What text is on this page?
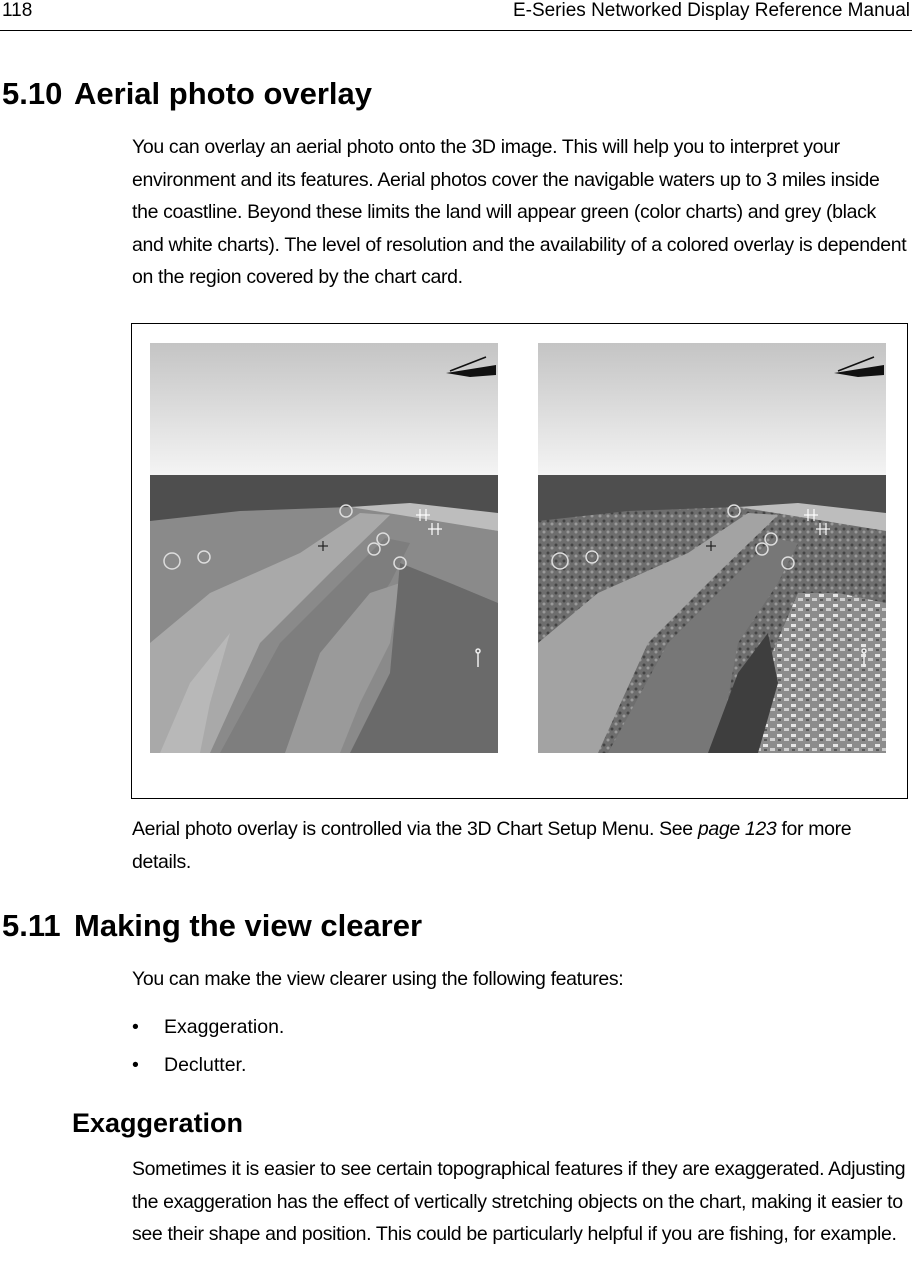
118	E-Series Networked Display Reference Manual
5.10 Aerial photo overlay
You can overlay an aerial photo onto the 3D image. This will help you to interpret your environment and its features. Aerial photos cover the navigable waters up to 3 miles inside the coastline. Beyond these limits the land will appear green (color charts) and grey (black and white charts). The level of resolution and the availability of a colored overlay is dependent on the region covered by the chart card.
Aerial photo overlay is controlled via the 3D Chart Setup Menu. See page 123 for more details.
5.11 Making the view clearer
You can make the view clearer using the following features:
• Exaggeration.
• Declutter.
Exaggeration
Sometimes it is easier to see certain topographical features if they are exaggerated. Adjusting the exaggeration has the effect of vertically stretching objects on the chart, making it easier to see their shape and position. This could be particularly helpful if you are fishing, for example.
